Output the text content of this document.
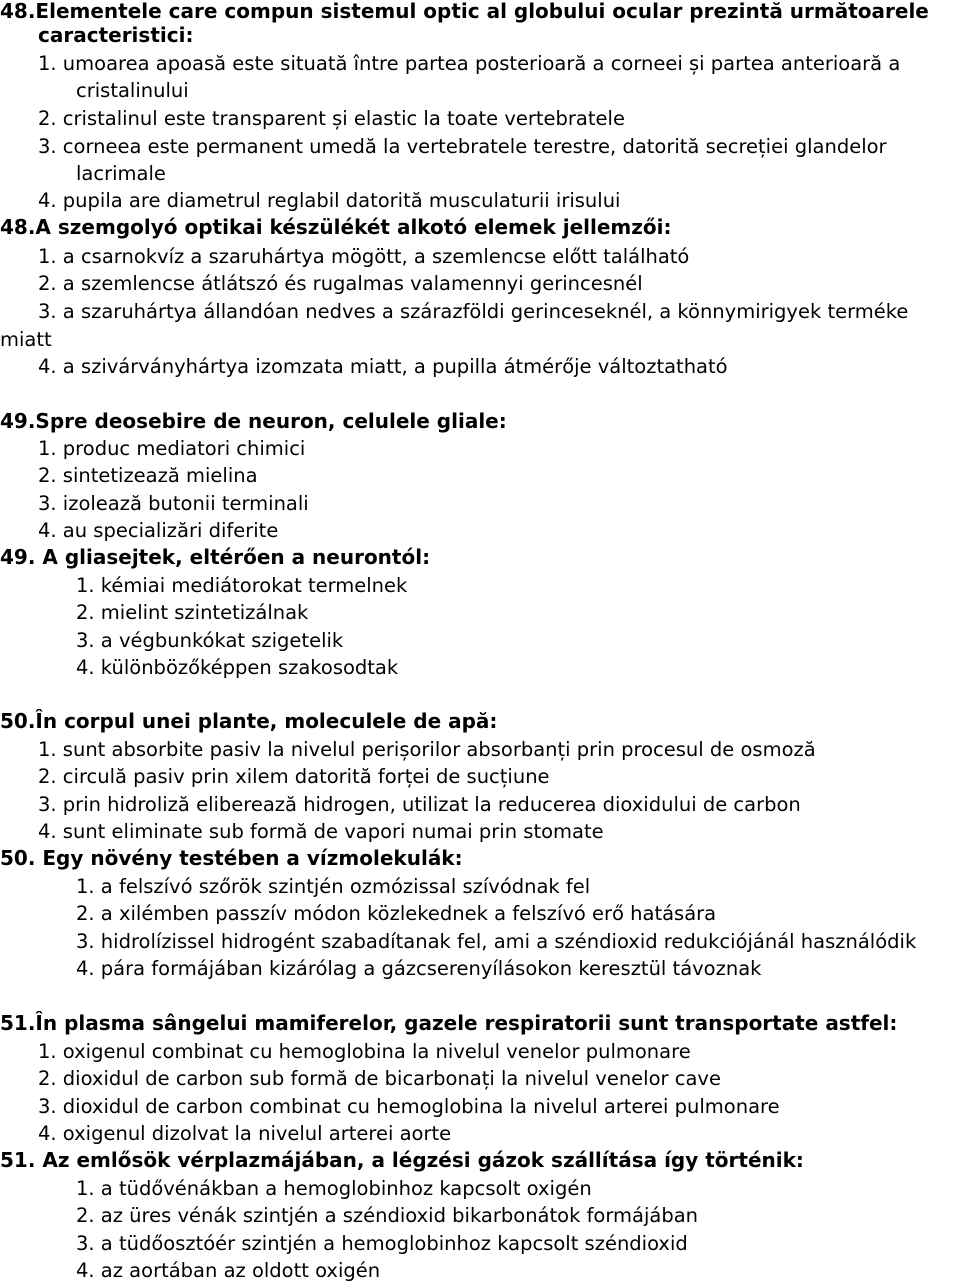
48.Elementele care compun sistemul optic al globului ocular prezintă următoarele
caracteristici:
1. umoarea apoasă este situată între partea posterioară a corneei și partea anterioară a
cristalinului
2. cristalinul este transparent și elastic la toate vertebratele
3. corneea este permanent umedă la vertebratele terestre, datorită secreției glandelor
lacrimale
4. pupila are diametrul reglabil datorită musculaturii irisului
48.A szemgolyó optikai készülékét alkotó elemek jellemzői:
1. a csarnokvíz a szaruhártya mögött, a szemlencse előtt található
2. a szemlencse átlátszó és rugalmas valamennyi gerincesnél
3. a szaruhártya állandóan nedves a szárazföldi gerinceseknél, a könnymirigyek terméke
miatt
4. a szivárványhártya izomzata miatt, a pupilla átmérője változtatható
49.Spre deosebire de neuron, celulele gliale:
1. produc mediatori chimici
2. sintetizează mielina
3. izolează butonii terminali
4. au specializări diferite
49. A gliasejtek, eltérően a neurontól:
1. kémiai mediátorokat termelnek
2. mielint szintetizálnak
3. a végbunkókat szigetelik
4. különbözőképpen szakosodtak
50.În corpul unei plante, moleculele de apă:
1. sunt absorbite pasiv la nivelul perișorilor absorbanți prin procesul de osmoză
2. circulă pasiv prin xilem datorită forței de sucțiune
3. prin hidroliză eliberează hidrogen, utilizat la reducerea dioxidului de carbon
4. sunt eliminate sub formă de vapori numai prin stomate
50. Egy növény testében a vízmolekulák:
1. a felszívó szőrök szintjén ozmózissal szívódnak fel
2. a xilémben passzív módon közlekednek a felszívó erő hatására
3. hidrolízissel hidrogént szabadítanak fel, ami a széndioxid redukciójánál használódik
4. pára formájában kizárólag a gázcserenyílásokon keresztül távoznak
51.În plasma sângelui mamiferelor, gazele respiratorii sunt transportate astfel:
1. oxigenul combinat cu hemoglobina la nivelul venelor pulmonare
2. dioxidul de carbon sub formă de bicarbonați la nivelul venelor cave
3. dioxidul de carbon combinat cu hemoglobina la nivelul arterei pulmonare
4. oxigenul dizolvat la nivelul arterei aorte
51. Az emlősök vérplazmájában, a légzési gázok szállítása így történik:
1. a tüdővénákban a hemoglobinhoz kapcsolt oxigén
2. az üres vénák szintjén a széndioxid bikarbonátok formájában
3. a tüdőosztóér szintjén a hemoglobinhoz kapcsolt széndioxid
4. az aortában az oldott oxigén
